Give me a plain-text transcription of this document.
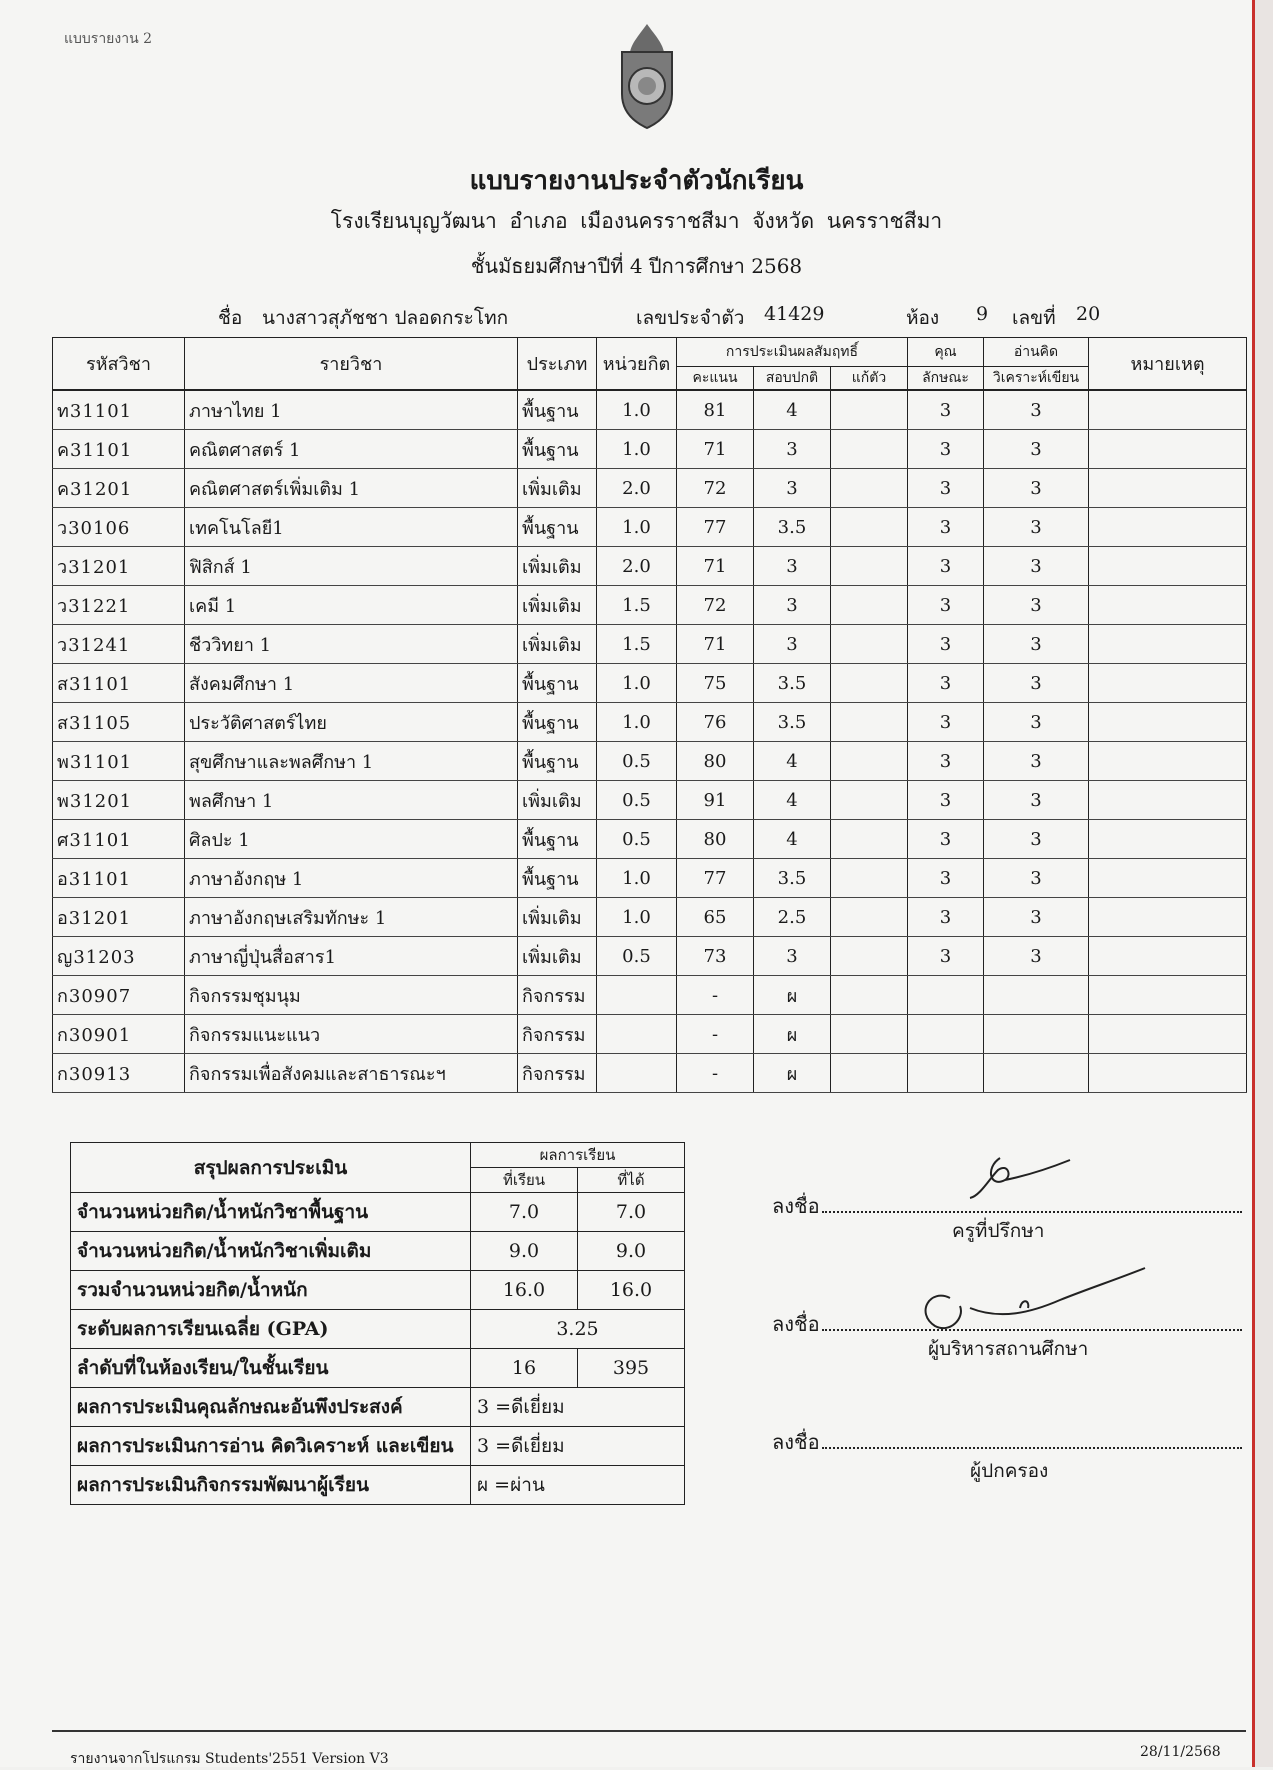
แบบรายงาน 2
แบบรายงานประจำตัวนักเรียน
โรงเรียนบุญวัฒนา อำเภอ เมืองนครราชสีมา จังหวัด นครราชสีมา
ชั้นมัธยมศึกษาปีที่ 4 ปีการศึกษา 2568
ชื่อ นางสาวสุภัชชา ปลอดกระโทก	เลขประจำตัว 41429	ห้อง 9 เลขที่ 20
รหัสวิชา	รายวิชา	ประเภท	หน่วยกิต	การประเมินผลสัมฤทธิ์			คุณ	อ่านคิด	หมายเหตุ
				คะแนน	สอบปกติ	แก้ตัว	ลักษณะ	วิเคราะห์เขียน	
ท31101	ภาษาไทย 1	พื้นฐาน	1.0	81	4		3	3	
ค31101	คณิตศาสตร์ 1	พื้นฐาน	1.0	71	3		3	3	
ค31201	คณิตศาสตร์เพิ่มเติม 1	เพิ่มเติม	2.0	72	3		3	3	
ว30106	เทคโนโลยี1	พื้นฐาน	1.0	77	3.5		3	3	
ว31201	ฟิสิกส์ 1	เพิ่มเติม	2.0	71	3		3	3	
ว31221	เคมี 1	เพิ่มเติม	1.5	72	3		3	3	
ว31241	ชีววิทยา 1	เพิ่มเติม	1.5	71	3		3	3	
ส31101	สังคมศึกษา 1	พื้นฐาน	1.0	75	3.5		3	3	
ส31105	ประวัติศาสตร์ไทย	พื้นฐาน	1.0	76	3.5		3	3	
พ31101	สุขศึกษาและพลศึกษา 1	พื้นฐาน	0.5	80	4		3	3	
พ31201	พลศึกษา 1	เพิ่มเติม	0.5	91	4		3	3	
ศ31101	ศิลปะ 1	พื้นฐาน	0.5	80	4		3	3	
อ31101	ภาษาอังกฤษ 1	พื้นฐาน	1.0	77	3.5		3	3	
อ31201	ภาษาอังกฤษเสริมทักษะ 1	เพิ่มเติม	1.0	65	2.5		3	3	
ญ31203	ภาษาญี่ปุ่นสื่อสาร1	เพิ่มเติม	0.5	73	3		3	3	
ก30907	กิจกรรมชุมนุม	กิจกรรม		-	ผ				
ก30901	กิจกรรมแนะแนว	กิจกรรม		-	ผ				
ก30913	กิจกรรมเพื่อสังคมและสาธารณะฯ	กิจกรรม		-	ผ				
สรุปผลการประเมิน	ผลการเรียน	
	ที่เรียน	ที่ได้
จำนวนหน่วยกิต/น้ำหนักวิชาพื้นฐาน	7.0	7.0
จำนวนหน่วยกิต/น้ำหนักวิชาเพิ่มเติม	9.0	9.0
รวมจำนวนหน่วยกิต/น้ำหนัก	16.0	16.0
ระดับผลการเรียนเฉลี่ย (GPA)	3.25	
ลำดับที่ในห้องเรียน/ในชั้นเรียน	16	395
ผลการประเมินคุณลักษณะอันพึงประสงค์	3 =ดีเยี่ยม	
ผลการประเมินการอ่าน คิดวิเคราะห์ และเขียน	3 =ดีเยี่ยม	
ผลการประเมินกิจกรรมพัฒนาผู้เรียน	ผ =ผ่าน	
ลงชื่อ
ครูที่ปรึกษา
ลงชื่อ
ผู้บริหารสถานศึกษา
ลงชื่อ
ผู้ปกครอง
รายงานจากโปรแกรม Students'2551 Version V3	28/11/2568
